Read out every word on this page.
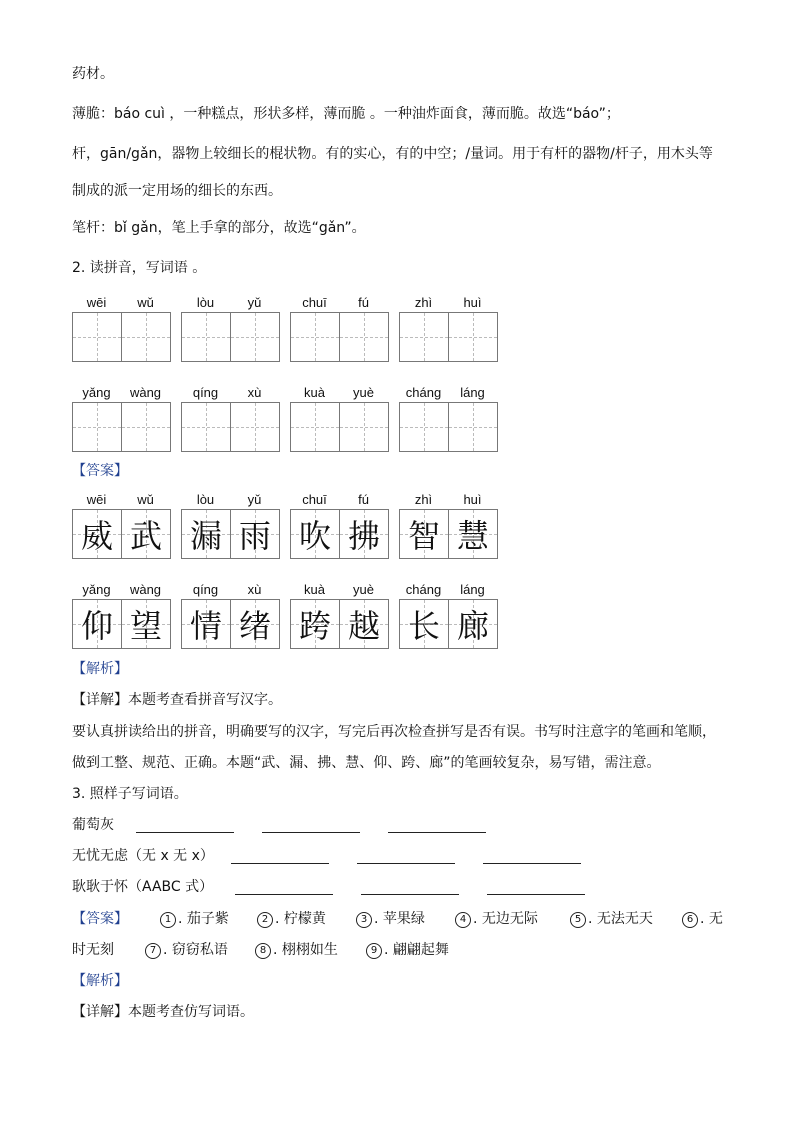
药材。
薄脆：báo cuì ，一种糕点，形状多样，薄而脆 。一种油炸面食，薄而脆。故选“báo”；
杆，gān/gǎn，器物上较细长的棍状物。有的实心，有的中空；/量词。用于有杆的器物/杆子，用木头等
制成的派一定用场的细长的东西。
笔杆：bǐ gǎn，笔上手拿的部分，故选“gǎn”。
2. 读拼音，写词语 。
wēi	wǔ	lòu	yǔ	chuī	fú	zhì	huì
yǎng	wàng	qíng	xù	kuà	yuè	cháng	láng
【答案】
wēi	wǔ
威 武
lòu	yǔ
漏 雨
chuī	fú
吹 拂
zhì	huì
智 慧
yǎng	wàng
仰 望
qíng	xù
情 绪
kuà	yuè
跨 越
cháng	láng
长 廊
【解析】
【详解】本题考查看拼音写汉字。
要认真拼读给出的拼音，明确要写的汉字，写完后再次检查拼写是否有误。书写时注意字的笔画和笔顺，
做到工整、规范、正确。本题“武、漏、拂、慧、仰、跨、廊”的笔画较复杂，易写错，需注意。
3. 照样子写词语。
葡萄灰
无忧无虑（无 x 无 x）
耿耿于怀（AABC 式）
【答案】	1 . 茄子紫	2 . 柠檬黄	3 . 苹果绿	4 . 无边无际	5 . 无法无天	6 . 无
时无刻	7 . 窃窃私语	8 . 栩栩如生	9 . 翩翩起舞
【解析】
【详解】本题考查仿写词语。
